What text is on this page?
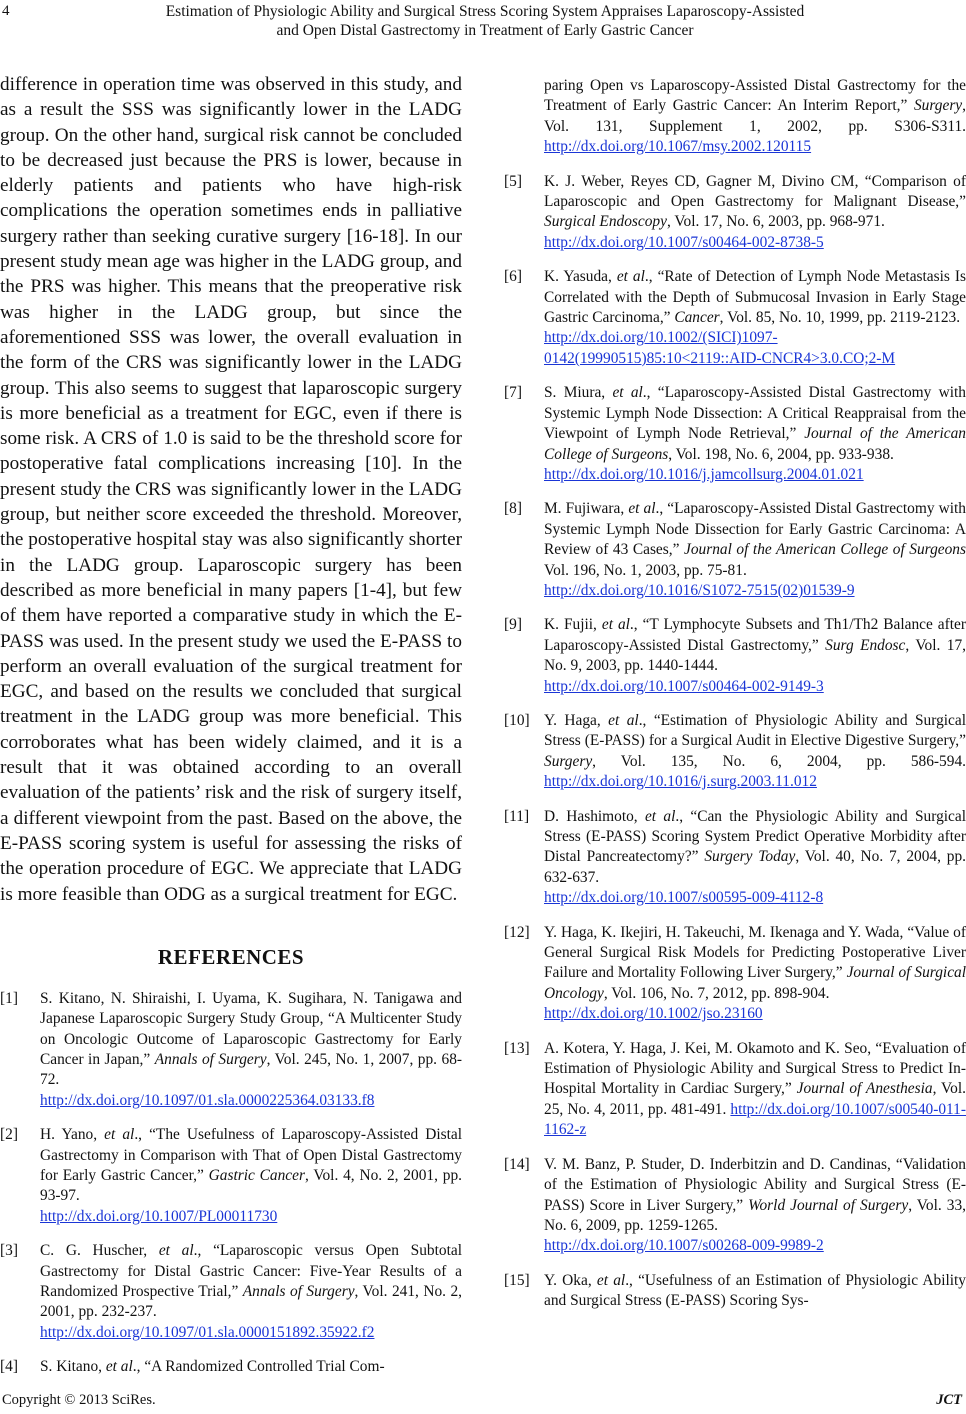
4	Estimation of Physiologic Ability and Surgical Stress Scoring System Appraises Laparoscopy-Assisted and Open Distal Gastrectomy in Treatment of Early Gastric Cancer

difference in operation time was observed in this study, and as a result the SSS was significantly lower in the LADG group. On the other hand, surgical risk cannot be concluded to be decreased just because the PRS is lower, because in elderly patients and patients who have high-risk complications the operation sometimes ends in palliative surgery rather than seeking curative surgery [16-18]. In our present study mean age was higher in the LADG group, and the PRS was higher. This means that the preoperative risk was higher in the LADG group, but since the aforementioned SSS was lower, the overall evaluation in the form of the CRS was significantly lower in the LADG group. This also seems to suggest that laparoscopic surgery is more beneficial as a treatment for EGC, even if there is some risk. A CRS of 1.0 is said to be the threshold score for postoperative fatal complications increasing [10]. In the present study the CRS was significantly lower in the LADG group, but neither score exceeded the threshold. Moreover, the postoperative hospital stay was also significantly shorter in the LADG group. Laparoscopic surgery has been described as more beneficial in many papers [1-4], but few of them have reported a comparative study in which the E-PASS was used. In the present study we used the E-PASS to perform an overall evaluation of the surgical treatment for EGC, and based on the results we concluded that surgical treatment in the LADG group was more beneficial. This corroborates what has been widely claimed, and it is a result that it was obtained according to an overall evaluation of the patients’ risk and the risk of surgery itself, a different viewpoint from the past. Based on the above, the E-PASS scoring system is useful for assessing the risks of the operation procedure of EGC. We appreciate that LADG is more feasible than ODG as a surgical treatment for EGC.

REFERENCES
[1] S. Kitano, N. Shiraishi, I. Uyama, K. Sugihara, N. Tanigawa and Japanese Laparoscopic Surgery Study Group, “A Multicenter Study on Oncologic Outcome of Laparoscopic Gastrectomy for Early Cancer in Japan,” Annals of Surgery, Vol. 245, No. 1, 2007, pp. 68-72.
http://dx.doi.org/10.1097/01.sla.0000225364.03133.f8
[2] H. Yano, et al., “The Usefulness of Laparoscopy-Assisted Distal Gastrectomy in Comparison with That of Open Distal Gastrectomy for Early Gastric Cancer,” Gastric Cancer, Vol. 4, No. 2, 2001, pp. 93-97.
http://dx.doi.org/10.1007/PL00011730
[3] C. G. Huscher, et al., “Laparoscopic versus Open Subtotal Gastrectomy for Distal Gastric Cancer: Five-Year Results of a Randomized Prospective Trial,” Annals of Surgery, Vol. 241, No. 2, 2001, pp. 232-237.
http://dx.doi.org/10.1097/01.sla.0000151892.35922.f2
[4] S. Kitano, et al., “A Randomized Controlled Trial Com-
paring Open vs Laparoscopy-Assisted Distal Gastrectomy for the Treatment of Early Gastric Cancer: An Interim Report,” Surgery, Vol. 131, Supplement 1, 2002, pp. S306-S311. http://dx.doi.org/10.1067/msy.2002.120115
[5] K. J. Weber, Reyes CD, Gagner M, Divino CM, “Comparison of Laparoscopic and Open Gastrectomy for Malignant Disease,” Surgical Endoscopy, Vol. 17, No. 6, 2003, pp. 968-971.
http://dx.doi.org/10.1007/s00464-002-8738-5
[6] K. Yasuda, et al., “Rate of Detection of Lymph Node Metastasis Is Correlated with the Depth of Submucosal Invasion in Early Stage Gastric Carcinoma,” Cancer, Vol. 85, No. 10, 1999, pp. 2119-2123.
http://dx.doi.org/10.1002/(SICI)1097-0142(19990515)85:10<2119::AID-CNCR4>3.0.CO;2-M
[7] S. Miura, et al., “Laparoscopy-Assisted Distal Gastrectomy with Systemic Lymph Node Dissection: A Critical Reappraisal from the Viewpoint of Lymph Node Retrieval,” Journal of the American College of Surgeons, Vol. 198, No. 6, 2004, pp. 933-938.
http://dx.doi.org/10.1016/j.jamcollsurg.2004.01.021
[8] M. Fujiwara, et al., “Laparoscopy-Assisted Distal Gastrectomy with Systemic Lymph Node Dissection for Early Gastric Carcinoma: A Review of 43 Cases,” Journal of the American College of Surgeons Vol. 196, No. 1, 2003, pp. 75-81.
http://dx.doi.org/10.1016/S1072-7515(02)01539-9
[9] K. Fujii, et al., “T Lymphocyte Subsets and Th1/Th2 Balance after Laparoscopy-Assisted Distal Gastrectomy,” Surg Endosc, Vol. 17, No. 9, 2003, pp. 1440-1444.
http://dx.doi.org/10.1007/s00464-002-9149-3
[10] Y. Haga, et al., “Estimation of Physiologic Ability and Surgical Stress (E-PASS) for a Surgical Audit in Elective Digestive Surgery,” Surgery, Vol. 135, No. 6, 2004, pp. 586-594. http://dx.doi.org/10.1016/j.surg.2003.11.012
[11] D. Hashimoto, et al., “Can the Physiologic Ability and Surgical Stress (E-PASS) Scoring System Predict Operative Morbidity after Distal Pancreatectomy?” Surgery Today, Vol. 40, No. 7, 2004, pp. 632-637.
http://dx.doi.org/10.1007/s00595-009-4112-8
[12] Y. Haga, K. Ikejiri, H. Takeuchi, M. Ikenaga and Y. Wada, “Value of General Surgical Risk Models for Predicting Postoperative Liver Failure and Mortality Following Liver Surgery,” Journal of Surgical Oncology, Vol. 106, No. 7, 2012, pp. 898-904.
http://dx.doi.org/10.1002/jso.23160
[13] A. Kotera, Y. Haga, J. Kei, M. Okamoto and K. Seo, “Evaluation of Estimation of Physiologic Ability and Surgical Stress to Predict In-Hospital Mortality in Cardiac Surgery,” Journal of Anesthesia, Vol. 25, No. 4, 2011, pp. 481-491. http://dx.doi.org/10.1007/s00540-011-1162-z
[14] V. M. Banz, P. Studer, D. Inderbitzin and D. Candinas, “Validation of the Estimation of Physiologic Ability and Surgical Stress (E-PASS) Score in Liver Surgery,” World Journal of Surgery, Vol. 33, No. 6, 2009, pp. 1259-1265.
http://dx.doi.org/10.1007/s00268-009-9989-2
[15] Y. Oka, et al., “Usefulness of an Estimation of Physiologic Ability and Surgical Stress (E-PASS) Scoring Sys-
Copyright © 2013 SciRes.	JCT
